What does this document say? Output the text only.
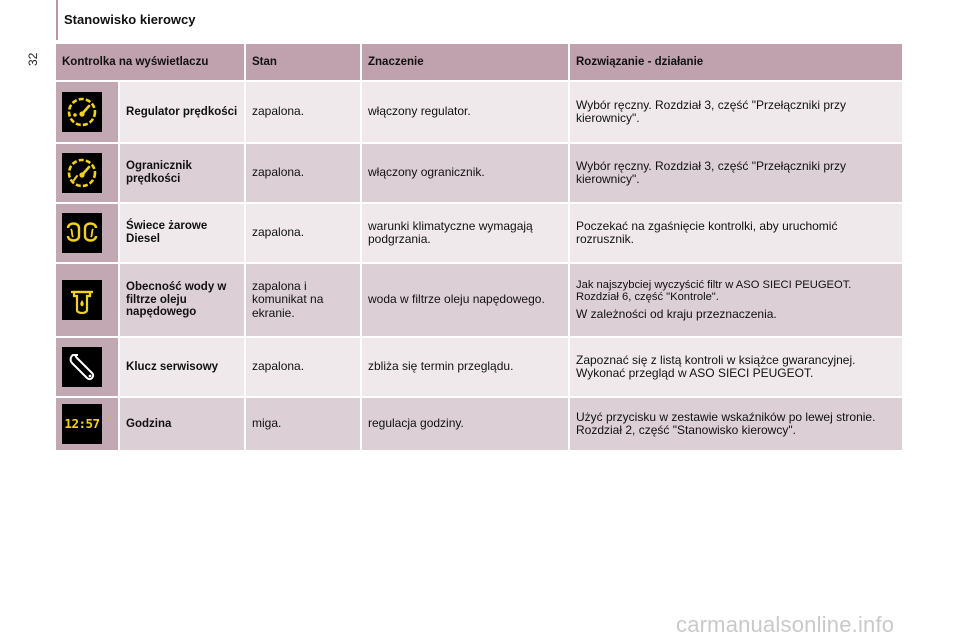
Stanowisko kierowcy
32 Kontrolka na wyświetlaczu		Stan	Znaczenie	Rozwiązanie - działanie

	Regulator prędkości	zapalona.	włączony regulator.	Wybór ręczny. Rozdział 3, część "Przełączniki przy kierownicy".

	Ogranicznik prędkości	zapalona.	włączony ogranicznik.	Wybór ręczny. Rozdział 3, część "Przełączniki przy kierownicy".

	Świece żarowe Diesel	zapalona.	warunki klimatyczne wymagają podgrzania.	Poczekać na zgaśnięcie kontrolki, aby uruchomić rozrusznik.

	Obecność wody w filtrze oleju napędowego	zapalona i komunikat na ekranie.	woda w filtrze oleju napędowego.	Jak najszybciej wyczyścić filtr w ASO SIECI PEUGEOT. Rozdział 6, część "Kontrole".

W zależności od kraju przeznaczenia.

	Klucz serwisowy	zapalona.	zbliża się termin przeglądu.	Zapoznać się z listą kontroli w książce gwarancyjnej. Wykonać przegląd w ASO SIECI PEUGEOT.

12:57	Godzina	miga.	regulacja godziny.	Użyć przycisku w zestawie wskaźników po lewej stronie. Rozdział 2, część "Stanowisko kierowcy".

carmanualsonline.info
